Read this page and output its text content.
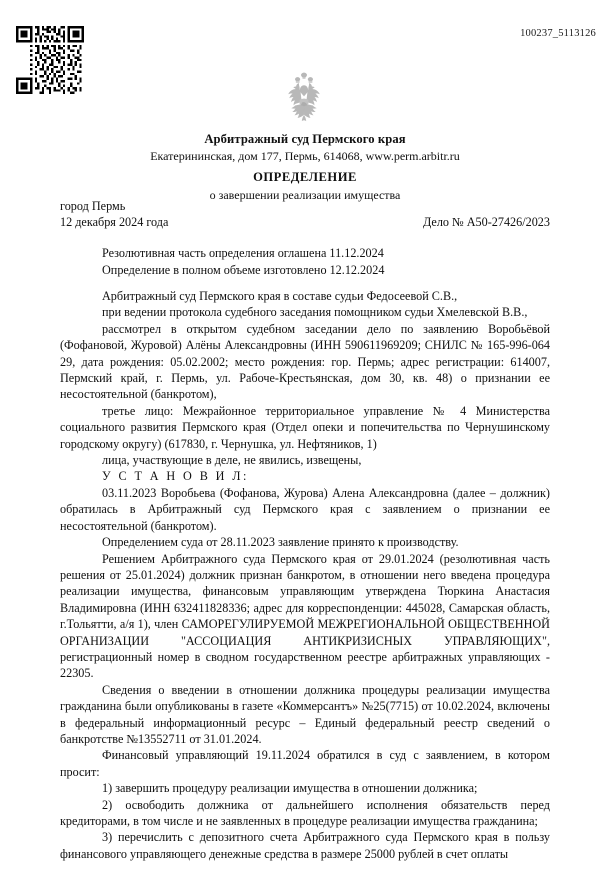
100237_5113126
Арбитражный суд Пермского края
Екатерининская, дом 177, Пермь, 614068, www.perm.arbitr.ru
ОПРЕДЕЛЕНИЕ
о завершении реализации имущества
город Пермь
12 декабря 2024 года	Дело № А50-27426/2023
Резолютивная часть определения оглашена 11.12.2024
Определение в полном объеме изготовлено 12.12.2024

Арбитражный суд Пермского края в составе судьи Федосеевой С.В.,

при ведении протокола судебного заседания помощником судьи Хмелевской В.В.,

рассмотрел в открытом судебном заседании дело по заявлению Воробьёвой (Фофановой, Журовой) Алёны Александровны (ИНН 590611969209; СНИЛС № 165-996-064 29, дата рождения: 05.02.2002; место рождения: гор. Пермь; адрес регистрации: 614007, Пермский край, г. Пермь, ул. Рабоче-Крестьянская, дом 30, кв. 48) о признании ее несостоятельной (банкротом),

третье лицо: Межрайонное территориальное управление № 4 Министерства социального развития Пермского края (Отдел опеки и попечительства по Чернушинскому городскому округу) (617830, г. Чернушка, ул. Нефтяников, 1)

лица, участвующие в деле, не явились, извещены,

У С Т А Н О В И Л:

03.11.2023 Воробьева (Фофанова, Журова) Алена Александровна (далее – должник) обратилась в Арбитражный суд Пермского края с заявлением о признании ее несостоятельной (банкротом).

Определением суда от 28.11.2023 заявление принято к производству.

Решением Арбитражного суда Пермского края от 29.01.2024 (резолютивная часть решения от 25.01.2024) должник признан банкротом, в отношении него введена процедура реализации имущества, финансовым управляющим утверждена Тюркина Анастасия Владимировна (ИНН 632411828336; адрес для корреспонденции: 445028, Самарская область, г.Тольятти, а/я 1), член САМОРЕГУЛИРУЕМОЙ МЕЖРЕГИОНАЛЬНОЙ ОБЩЕСТВЕННОЙ ОРГАНИЗАЦИИ "АССОЦИАЦИЯ АНТИКРИЗИСНЫХ УПРАВЛЯЮЩИХ", регистрационный номер в сводном государственном реестре арбитражных управляющих - 22305.

Сведения о введении в отношении должника процедуры реализации имущества гражданина были опубликованы в газете «Коммерсантъ» №25(7715) от 10.02.2024, включены в федеральный информационный ресурс – Единый федеральный реестр сведений о банкротстве №13552711 от 31.01.2024.

Финансовый управляющий 19.11.2024 обратился в суд с заявлением, в котором просит:

1) завершить процедуру реализации имущества в отношении должника;

2) освободить должника от дальнейшего исполнения обязательств перед кредиторами, в том числе и не заявленных в процедуре реализации имущества гражданина;

3) перечислить с депозитного счета Арбитражного суда Пермского края в пользу финансового управляющего денежные средства в размере 25000 рублей в счет оплаты
